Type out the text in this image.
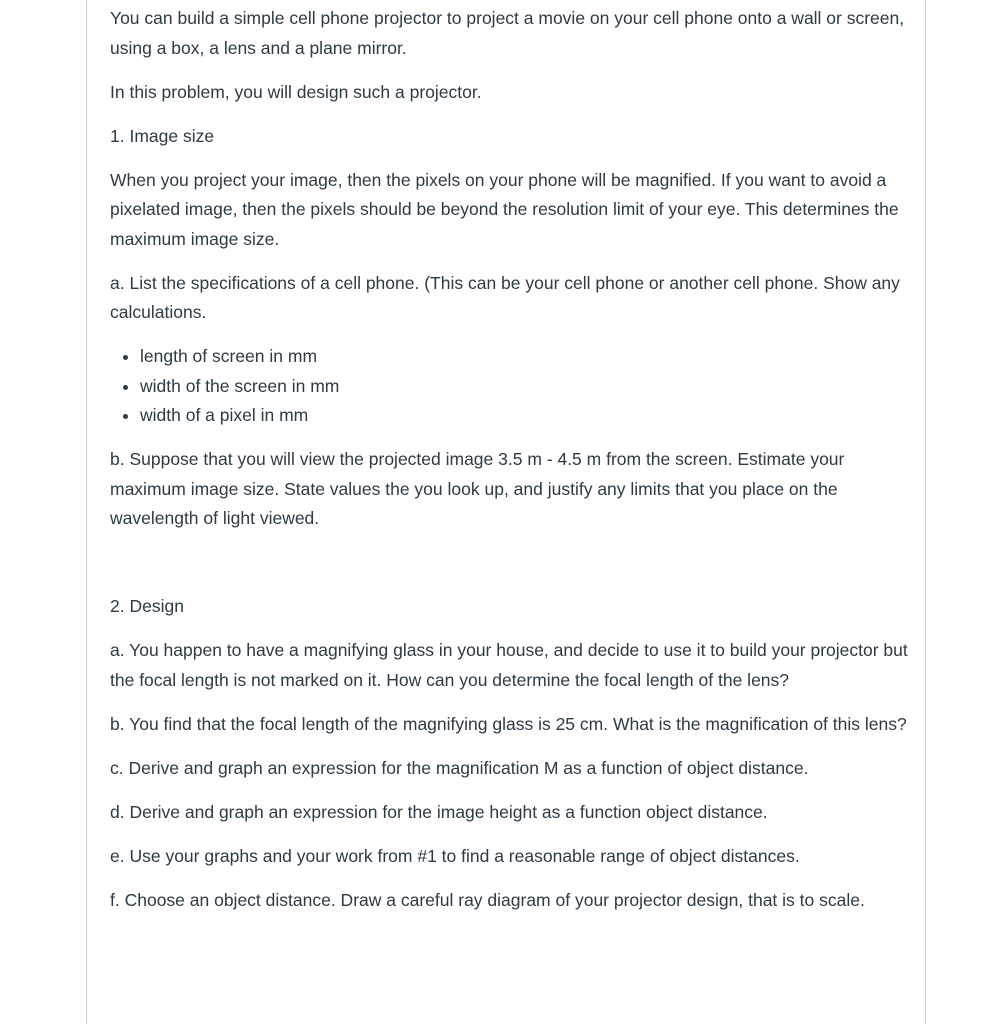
You can build a simple cell phone projector to project a movie on your cell phone onto a wall or screen, using a box, a lens and a plane mirror.

In this problem, you will design such a projector.

1. Image size

When you project your image, then the pixels on your phone will be magnified. If you want to avoid a pixelated image, then the pixels should be beyond the resolution limit of your eye. This determines the maximum image size.

a. List the specifications of a cell phone. (This can be your cell phone or another cell phone. Show any calculations.

• length of screen in mm
• width of the screen in mm
• width of a pixel in mm

b. Suppose that you will view the projected image 3.5 m - 4.5 m from the screen. Estimate your maximum image size. State values the you look up, and justify any limits that you place on the wavelength of light viewed.

2. Design

a. You happen to have a magnifying glass in your house, and decide to use it to build your projector but the focal length is not marked on it. How can you determine the focal length of the lens?

b. You find that the focal length of the magnifying glass is 25 cm. What is the magnification of this lens?

c. Derive and graph an expression for the magnification M as a function of object distance.

d. Derive and graph an expression for the image height as a function object distance.

e. Use your graphs and your work from #1 to find a reasonable range of object distances.

f. Choose an object distance. Draw a careful ray diagram of your projector design, that is to scale.
